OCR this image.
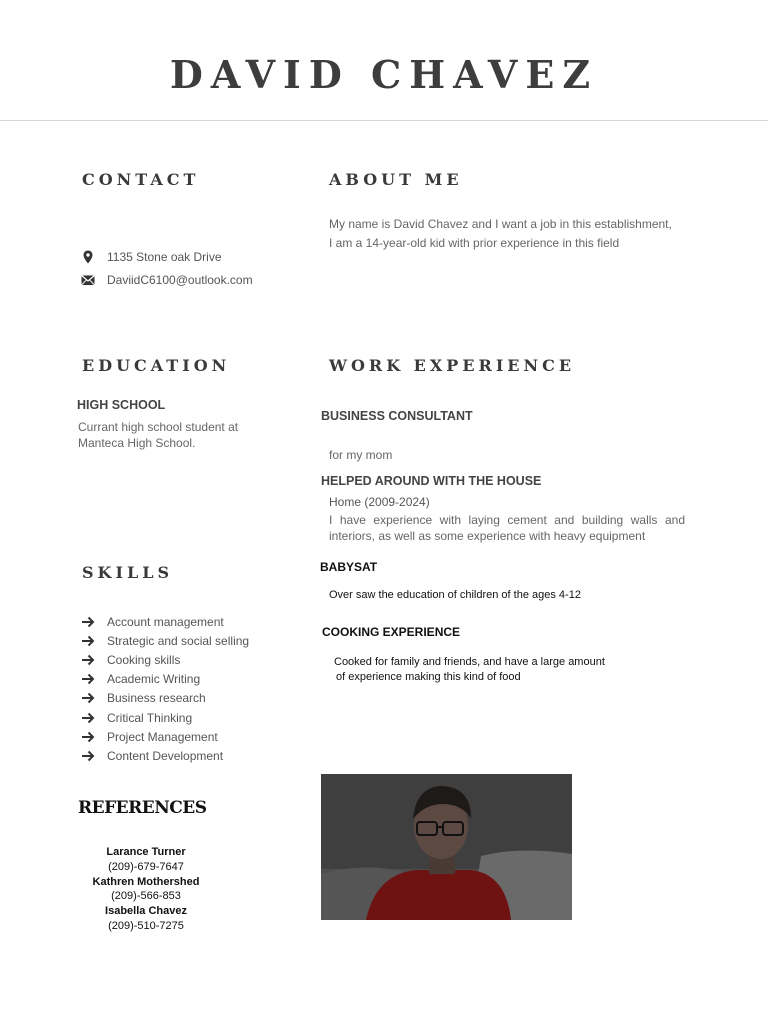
DAVID CHAVEZ
CONTACT
1135 Stone oak Drive
DaviidC6100@outlook.com
ABOUT ME
My name is David Chavez and I want a job in this establishment, I am a 14-year-old kid with prior experience in this field
EDUCATION
HIGH SCHOOL
Currant high school student at Manteca High School.
WORK EXPERIENCE
BUSINESS CONSULTANT
for my mom
HELPED AROUND WITH THE HOUSE
Home (2009-2024)
I have experience with laying cement and building walls and interiors, as well as some experience with heavy equipment
BABYSAT
Over saw the education of children of the ages 4-12
COOKING EXPERIENCE
Cooked for family and friends, and have a large amount
of experience making this kind of food
SKILLS
Account management
Strategic and social selling
Cooking skills
Academic Writing
Business research
Critical Thinking
Project Management
Content Development
REFERENCES
Larance Turner
(209)-679-7647
Kathren Mothershed
(209)-566-853
Isabella Chavez
(209)-510-7275
